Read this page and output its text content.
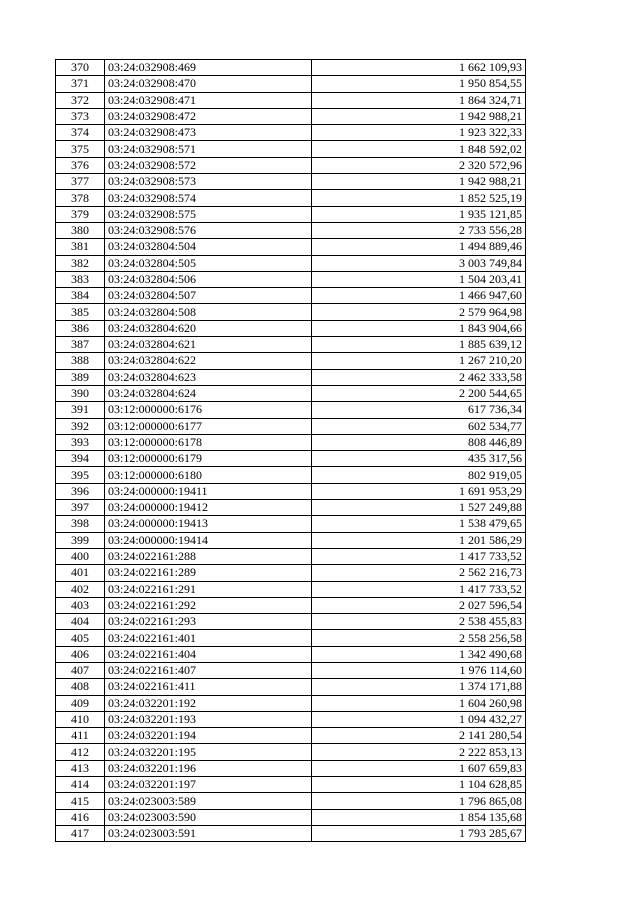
370	03:24:032908:469	1 662 109,93
371	03:24:032908:470	1 950 854,55
372	03:24:032908:471	1 864 324,71
373	03:24:032908:472	1 942 988,21
374	03:24:032908:473	1 923 322,33
375	03:24:032908:571	1 848 592,02
376	03:24:032908:572	2 320 572,96
377	03:24:032908:573	1 942 988,21
378	03:24:032908:574	1 852 525,19
379	03:24:032908:575	1 935 121,85
380	03:24:032908:576	2 733 556,28
381	03:24:032804:504	1 494 889,46
382	03:24:032804:505	3 003 749,84
383	03:24:032804:506	1 504 203,41
384	03:24:032804:507	1 466 947,60
385	03:24:032804:508	2 579 964,98
386	03:24:032804:620	1 843 904,66
387	03:24:032804:621	1 885 639,12
388	03:24:032804:622	1 267 210,20
389	03:24:032804:623	2 462 333,58
390	03:24:032804:624	2 200 544,65
391	03:12:000000:6176	617 736,34
392	03:12:000000:6177	602 534,77
393	03:12:000000:6178	808 446,89
394	03:12:000000:6179	435 317,56
395	03:12:000000:6180	802 919,05
396	03:24:000000:19411	1 691 953,29
397	03:24:000000:19412	1 527 249,88
398	03:24:000000:19413	1 538 479,65
399	03:24:000000:19414	1 201 586,29
400	03:24:022161:288	1 417 733,52
401	03:24:022161:289	2 562 216,73
402	03:24:022161:291	1 417 733,52
403	03:24:022161:292	2 027 596,54
404	03:24:022161:293	2 538 455,83
405	03:24:022161:401	2 558 256,58
406	03:24:022161:404	1 342 490,68
407	03:24:022161:407	1 976 114,60
408	03:24:022161:411	1 374 171,88
409	03:24:032201:192	1 604 260,98
410	03:24:032201:193	1 094 432,27
411	03:24:032201:194	2 141 280,54
412	03:24:032201:195	2 222 853,13
413	03:24:032201:196	1 607 659,83
414	03:24:032201:197	1 104 628,85
415	03:24:023003:589	1 796 865,08
416	03:24:023003:590	1 854 135,68
417	03:24:023003:591	1 793 285,67
